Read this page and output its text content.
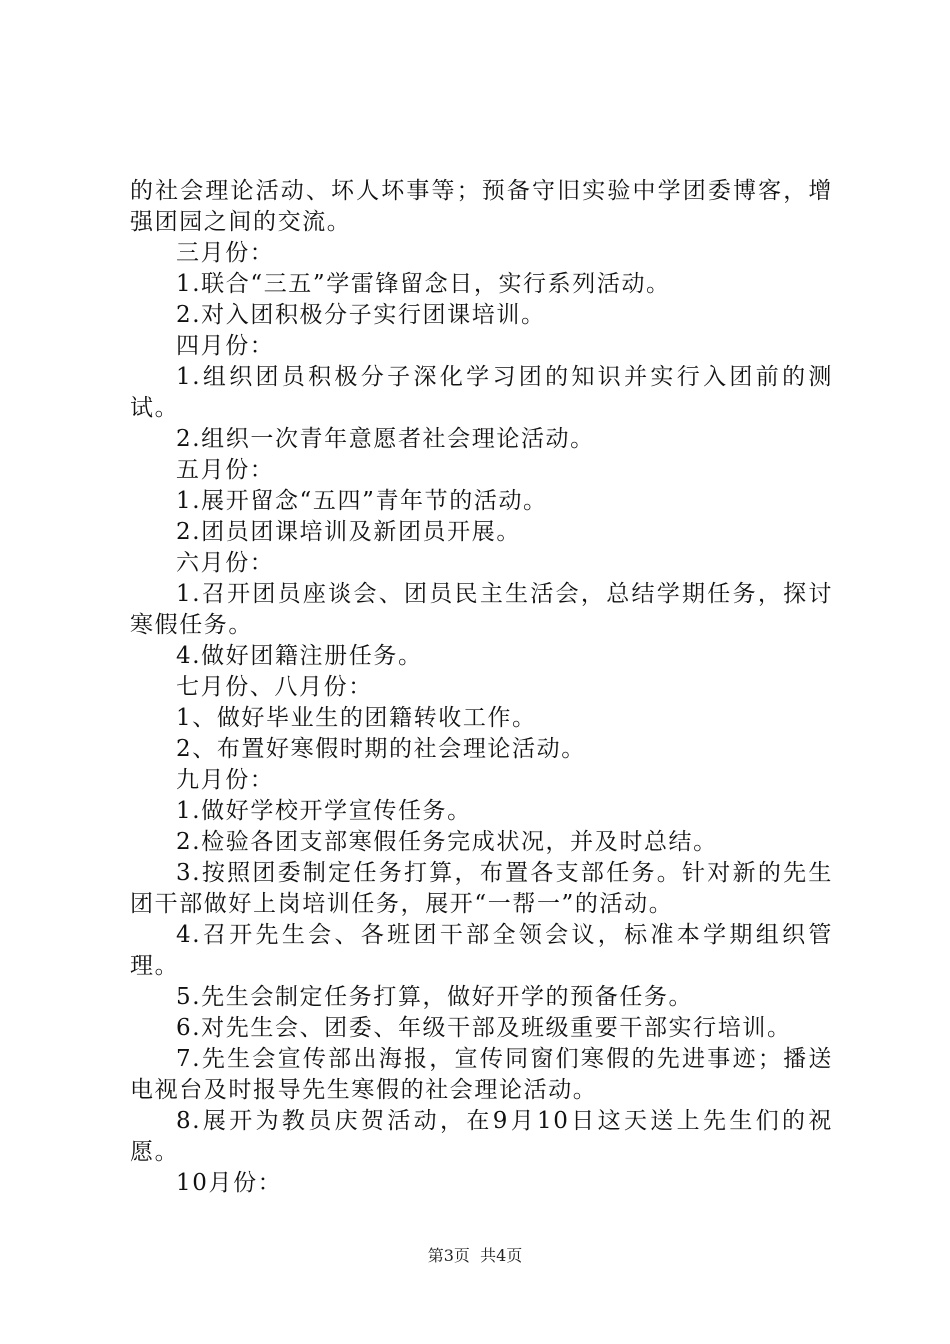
的社会理论活动、坏人坏事等；预备守旧实验中学团委博客，增强团园之间的交流。

三月份：

1.联合“三五”学雷锋留念日，实行系列活动。

2.对入团积极分子实行团课培训。

四月份：

1.组织团员积极分子深化学习团的知识并实行入团前的测试。

2.组织一次青年意愿者社会理论活动。

五月份：

1.展开留念“五四”青年节的活动。

2.团员团课培训及新团员开展。

六月份：

1.召开团员座谈会、团员民主生活会，总结学期任务，探讨寒假任务。

4.做好团籍注册任务。

七月份、八月份：

1、做好毕业生的团籍转收工作。

2、布置好寒假时期的社会理论活动。

九月份：

1.做好学校开学宣传任务。

2.检验各团支部寒假任务完成状况，并及时总结。

3.按照团委制定任务打算，布置各支部任务。针对新的先生团干部做好上岗培训任务，展开“一帮一”的活动。

4.召开先生会、各班团干部全领会议，标准本学期组织管理。

5.先生会制定任务打算，做好开学的预备任务。

6.对先生会、团委、年级干部及班级重要干部实行培训。

7.先生会宣传部出海报，宣传同窗们寒假的先进事迹；播送电视台及时报导先生寒假的社会理论活动。

8.展开为教员庆贺活动，在9月10日这天送上先生们的祝愿。

10月份：

第3页 共4页
